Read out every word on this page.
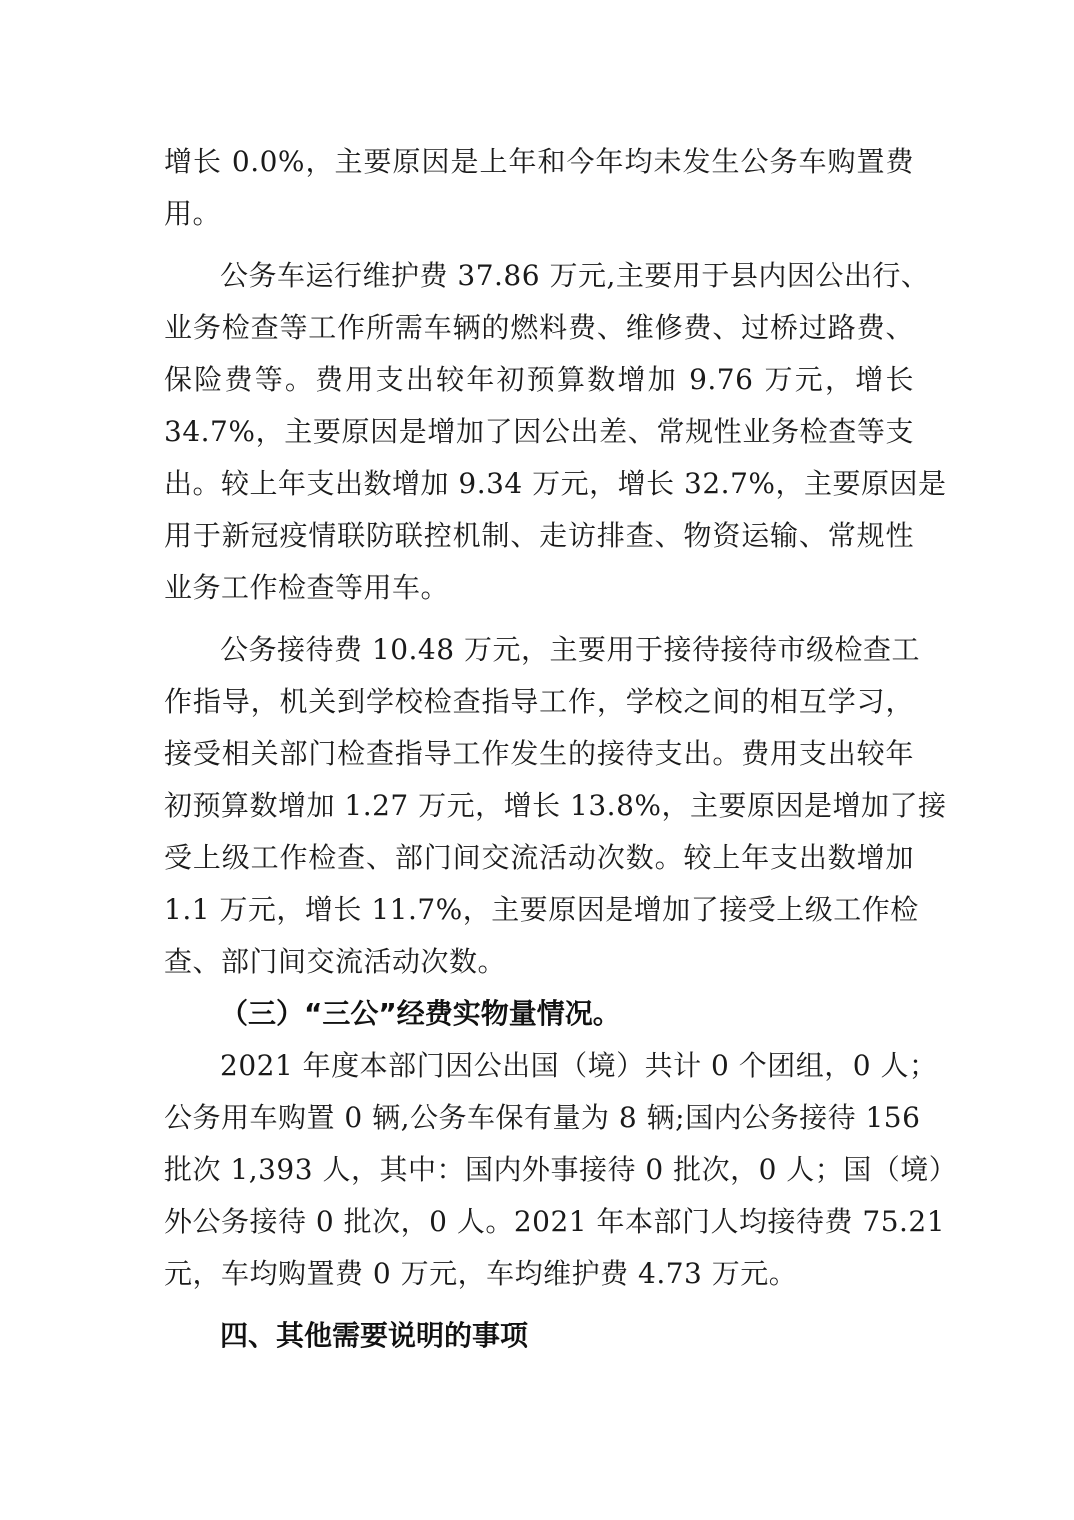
增长 0.0%，主要原因是上年和今年均未发生公务车购置费
用。
公务车运行维护费 37.86 万元,主要用于县内因公出行、
业务检查等工作所需车辆的燃料费、维修费、过桥过路费、
保险费等。费用支出较年初预算数增加 9.76 万元，增长
34.7%，主要原因是增加了因公出差、常规性业务检查等支
出。较上年支出数增加 9.34 万元，增长 32.7%，主要原因是
用于新冠疫情联防联控机制、走访排查、物资运输、常规性
业务工作检查等用车。
公务接待费 10.48 万元，主要用于接待接待市级检查工
作指导，机关到学校检查指导工作，学校之间的相互学习，
接受相关部门检查指导工作发生的接待支出。费用支出较年
初预算数增加 1.27 万元，增长 13.8%，主要原因是增加了接
受上级工作检查、部门间交流活动次数。较上年支出数增加
1.1 万元，增长 11.7%，主要原因是增加了接受上级工作检
查、部门间交流活动次数。
（三）“三公”经费实物量情况。
2021 年度本部门因公出国（境）共计 0 个团组，0 人；
公务用车购置 0 辆,公务车保有量为 8 辆;国内公务接待 156
批次 1,393 人，其中：国内外事接待 0 批次，0 人；国（境）
外公务接待 0 批次，0 人。2021 年本部门人均接待费 75.21
元，车均购置费 0 万元，车均维护费 4.73 万元。
四、其他需要说明的事项
